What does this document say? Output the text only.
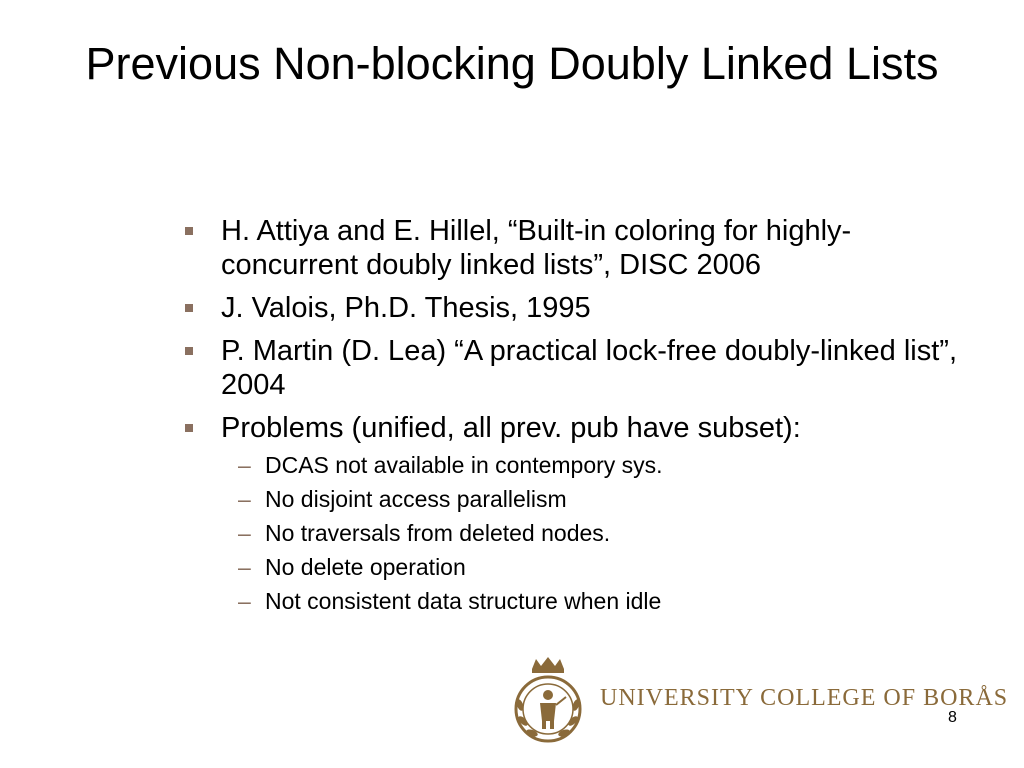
Previous Non-blocking Doubly Linked Lists
H. Attiya and E. Hillel, “Built-in coloring for highly-concurrent doubly linked lists”, DISC 2006
J. Valois, Ph.D. Thesis, 1995
P. Martin (D. Lea) “A practical lock-free doubly-linked list”, 2004
Problems (unified, all prev. pub have subset):
– DCAS not available in contempory sys.
– No disjoint access parallelism
– No traversals from deleted nodes.
– No delete operation
– Not consistent data structure when idle
UNIVERSITY COLLEGE OF BORÅS
8
